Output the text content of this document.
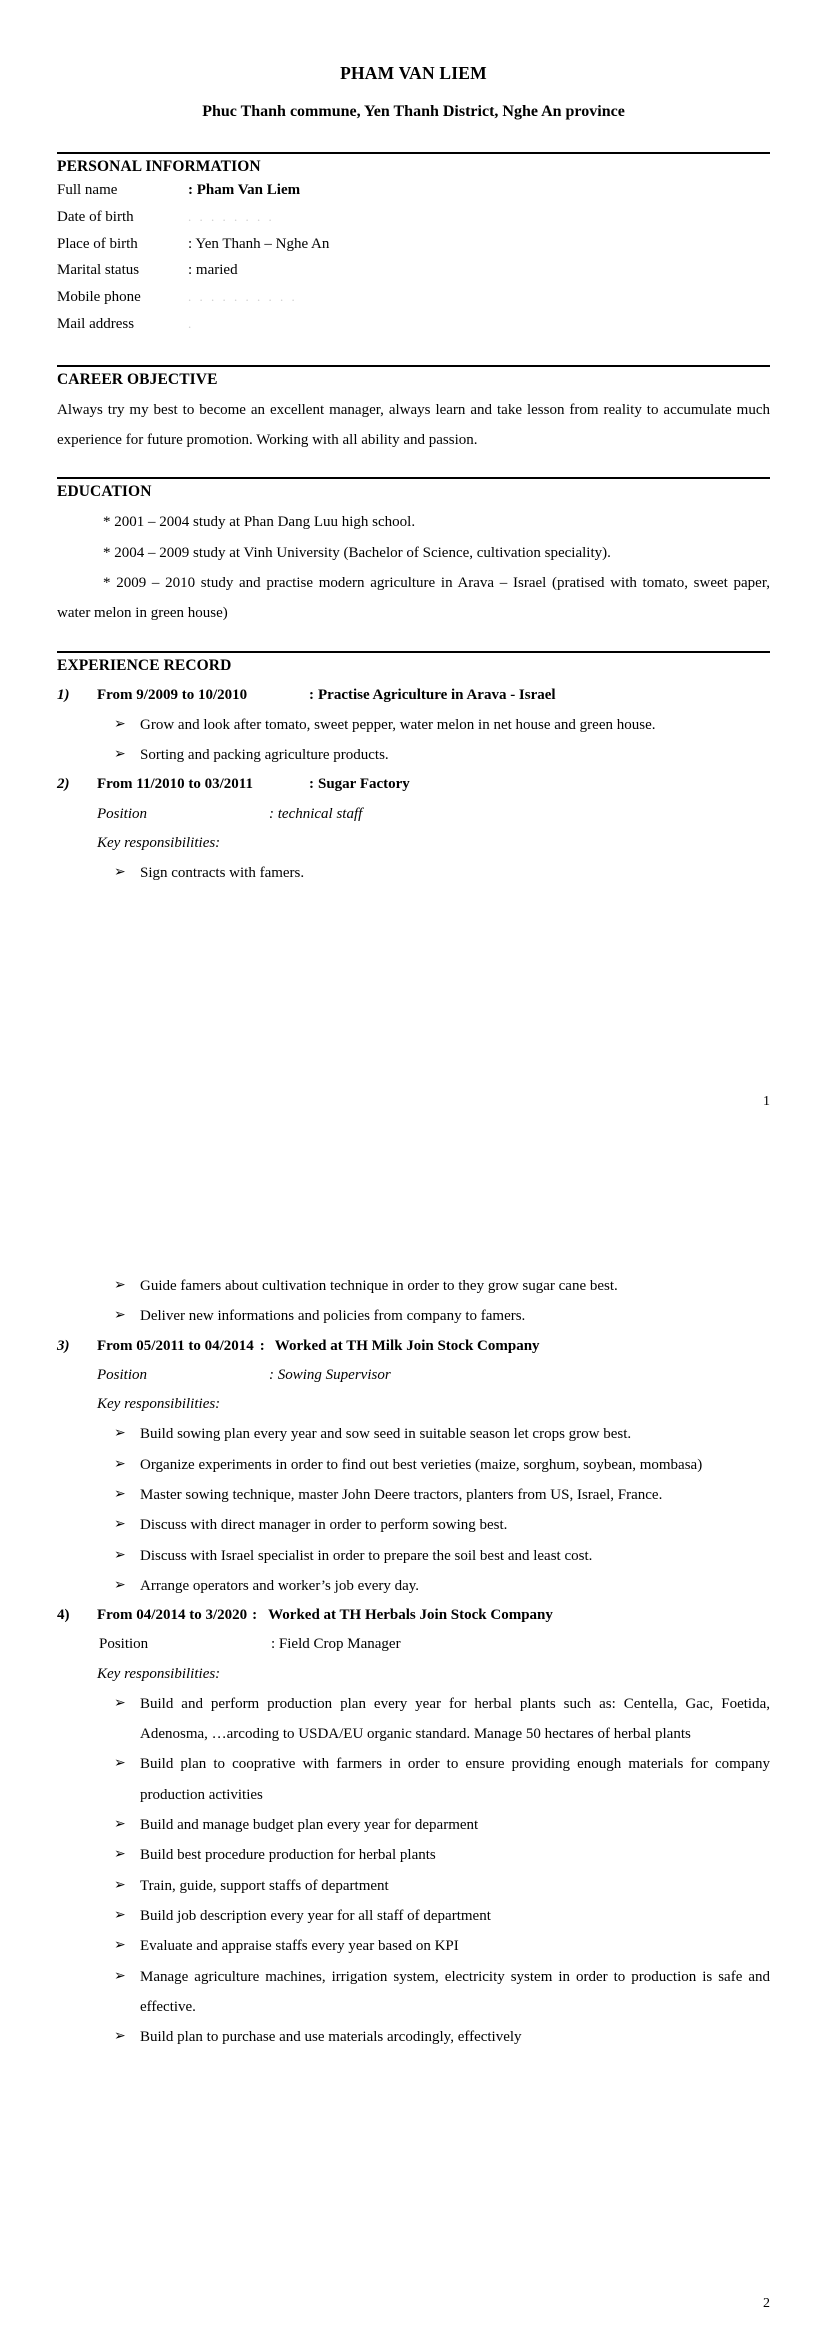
PHAM VAN LIEM
Phuc Thanh commune, Yen Thanh District, Nghe An province
PERSONAL INFORMATION
Full name	: Pham Van Liem
Date of birth	. . . . . . . .
Place of birth	: Yen Thanh – Nghe An
Marital status	: maried
Mobile phone	. . . . . . . . . .
Mail address	.
CAREER OBJECTIVE

Always try my best to become an excellent manager, always learn and take lesson from reality to accumulate much experience for future promotion. Working with all ability and passion.

EDUCATION
* 2001 – 2004 study at Phan Dang Luu high school.
* 2004 – 2009 study at Vinh University (Bachelor of Science, cultivation speciality).
* 2009 – 2010 study and practise modern agriculture in Arava – Israel (pratised with tomato, sweet paper, water melon in green house)
EXPERIENCE RECORD
1)	From 9/2009 to 10/2010	: Practise Agriculture in Arava - Israel
➢ Grow and look after tomato, sweet pepper, water melon in net house and green house.
➢ Sorting and packing agriculture products.
2)	From 11/2010 to 03/2011	: Sugar Factory
Position	: technical staff
Key responsibilities:
➢ Sign contracts with famers.
1
➢ Guide famers about cultivation technique in order to they grow sugar cane best.
➢ Deliver new informations and policies from company to famers.
3)	From 05/2011 to 04/2014 : Worked at TH Milk Join Stock Company
Position	: Sowing Supervisor
Key responsibilities:
➢ Build sowing plan every year and sow seed in suitable season let crops grow best.
➢ Organize experiments in order to find out best verieties (maize, sorghum, soybean, mombasa)
➢ Master sowing technique, master John Deere tractors, planters from US, Israel, France.
➢ Discuss with direct manager in order to perform sowing best.
➢ Discuss with Israel specialist in order to prepare the soil best and least cost.
➢ Arrange operators and worker’s job every day.
4)	From 04/2014 to 3/2020 : Worked at TH Herbals Join Stock Company
Position	: Field Crop Manager
Key responsibilities:
➢ Build and perform production plan every year for herbal plants such as: Centella, Gac, Foetida, Adenosma, …arcoding to USDA/EU organic standard. Manage 50 hectares of herbal plants
➢ Build plan to cooprative with farmers in order to ensure providing enough materials for company production activities
➢ Build and manage budget plan every year for deparment
➢ Build best procedure production for herbal plants
➢ Train, guide, support staffs of department
➢ Build job description every year for all staff of department
➢ Evaluate and appraise staffs every year based on KPI
➢ Manage agriculture machines, irrigation system, electricity system in order to production is safe and effective.
➢ Build plan to purchase and use materials arcodingly, effectively
2
